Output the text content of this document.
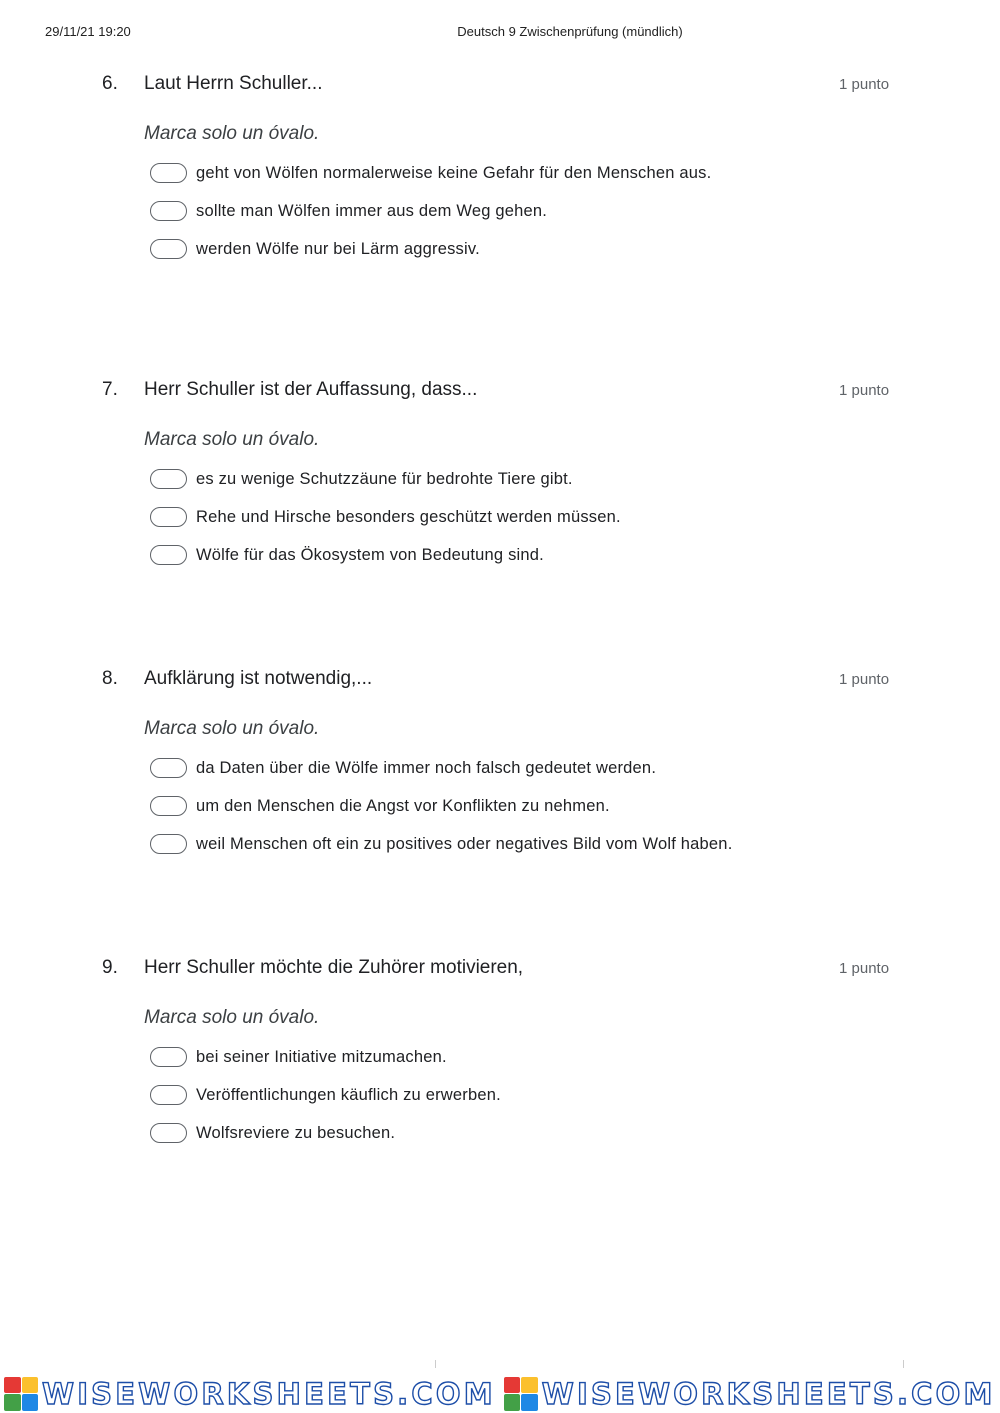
29/11/21 19:20	Deutsch 9 Zwischenprüfung (mündlich)
6. Laut Herrn Schuller...	1 punto
Marca solo un óvalo.
geht von Wölfen normalerweise keine Gefahr für den Menschen aus.
sollte man Wölfen immer aus dem Weg gehen.
werden Wölfe nur bei Lärm aggressiv.
7. Herr Schuller ist der Auffassung, dass...	1 punto
Marca solo un óvalo.
es zu wenige Schutzzäune für bedrohte Tiere gibt.
Rehe und Hirsche besonders geschützt werden müssen.
Wölfe für das Ökosystem von Bedeutung sind.
8. Aufklärung ist notwendig,...	1 punto
Marca solo un óvalo.
da Daten über die Wölfe immer noch falsch gedeutet werden.
um den Menschen die Angst vor Konflikten zu nehmen.
weil Menschen oft ein zu positives oder negatives Bild vom Wolf haben.
9. Herr Schuller möchte die Zuhörer motivieren,	1 punto
Marca solo un óvalo.
bei seiner Initiative mitzumachen.
Veröffentlichungen käuflich zu erwerben.
Wolfsreviere zu besuchen.
WISEWORKSHEETS.COM WISEWORKSHEETS.COM
